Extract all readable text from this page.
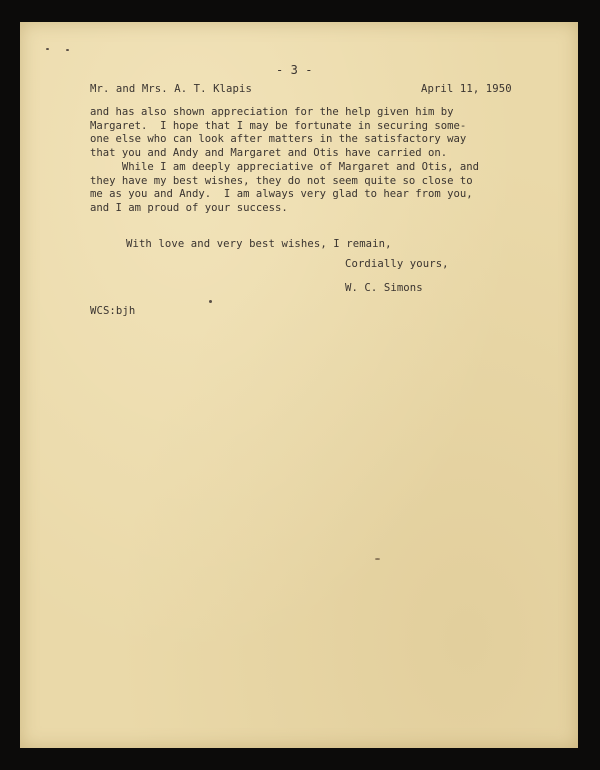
- 3 -
Mr. and Mrs. A. T. Klapis	April 11, 1950
and has also shown appreciation for the help given him by
Margaret.  I hope that I may be fortunate in securing some-
one else who can look after matters in the satisfactory way
that you and Andy and Margaret and Otis have carried on.
While I am deeply appreciative of Margaret and Otis, and
they have my best wishes, they do not seem quite so close to
me as you and Andy.  I am always very glad to hear from you,
and I am proud of your success.
With love and very best wishes, I remain,
Cordially yours,
W. C. Simons
WCS:bjh
